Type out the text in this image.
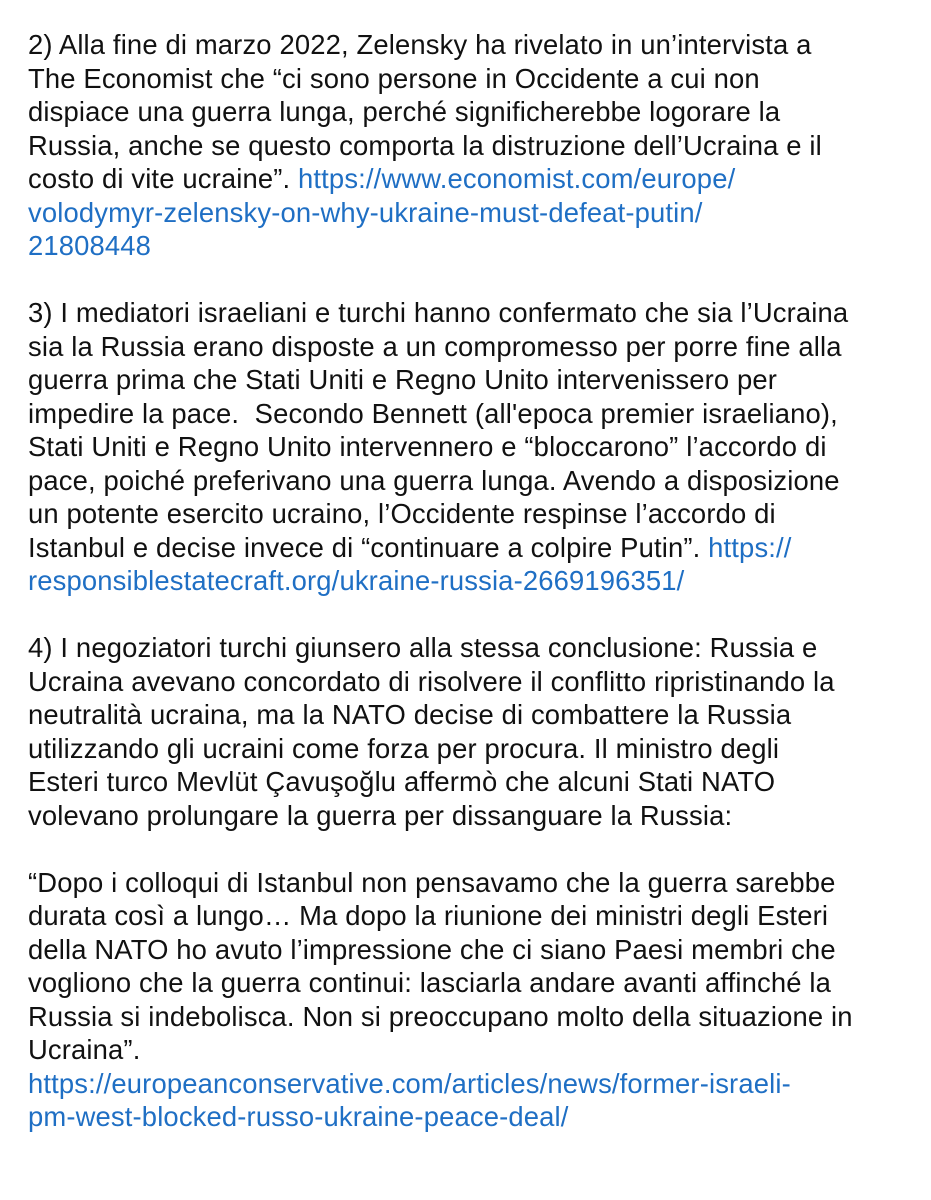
2) Alla fine di marzo 2022, Zelensky ha rivelato in un’intervista a
The Economist che “ci sono persone in Occidente a cui non
dispiace una guerra lunga, perché significherebbe logorare la
Russia, anche se questo comporta la distruzione dell’Ucraina e il
costo di vite ucraine”. https://www.economist.com/europe/
volodymyr-zelensky-on-why-ukraine-must-defeat-putin/
21808448
3) I mediatori israeliani e turchi hanno confermato che sia l’Ucraina
sia la Russia erano disposte a un compromesso per porre fine alla
guerra prima che Stati Uniti e Regno Unito intervenissero per
impedire la pace.  Secondo Bennett (all'epoca premier israeliano),
Stati Uniti e Regno Unito intervennero e “bloccarono” l’accordo di
pace, poiché preferivano una guerra lunga. Avendo a disposizione
un potente esercito ucraino, l’Occidente respinse l’accordo di
Istanbul e decise invece di “continuare a colpire Putin”. https://
responsiblestatecraft.org/ukraine-russia-2669196351/
4) I negoziatori turchi giunsero alla stessa conclusione: Russia e
Ucraina avevano concordato di risolvere il conflitto ripristinando la
neutralità ucraina, ma la NATO decise di combattere la Russia
utilizzando gli ucraini come forza per procura. Il ministro degli
Esteri turco Mevlüt Çavuşoğlu affermò che alcuni Stati NATO
volevano prolungare la guerra per dissanguare la Russia:
“Dopo i colloqui di Istanbul non pensavamo che la guerra sarebbe
durata così a lungo… Ma dopo la riunione dei ministri degli Esteri
della NATO ho avuto l’impressione che ci siano Paesi membri che
vogliono che la guerra continui: lasciarla andare avanti affinché la
Russia si indebolisca. Non si preoccupano molto della situazione in
Ucraina”.
https://europeanconservative.com/articles/news/former-israeli-
pm-west-blocked-russo-ukraine-peace-deal/
